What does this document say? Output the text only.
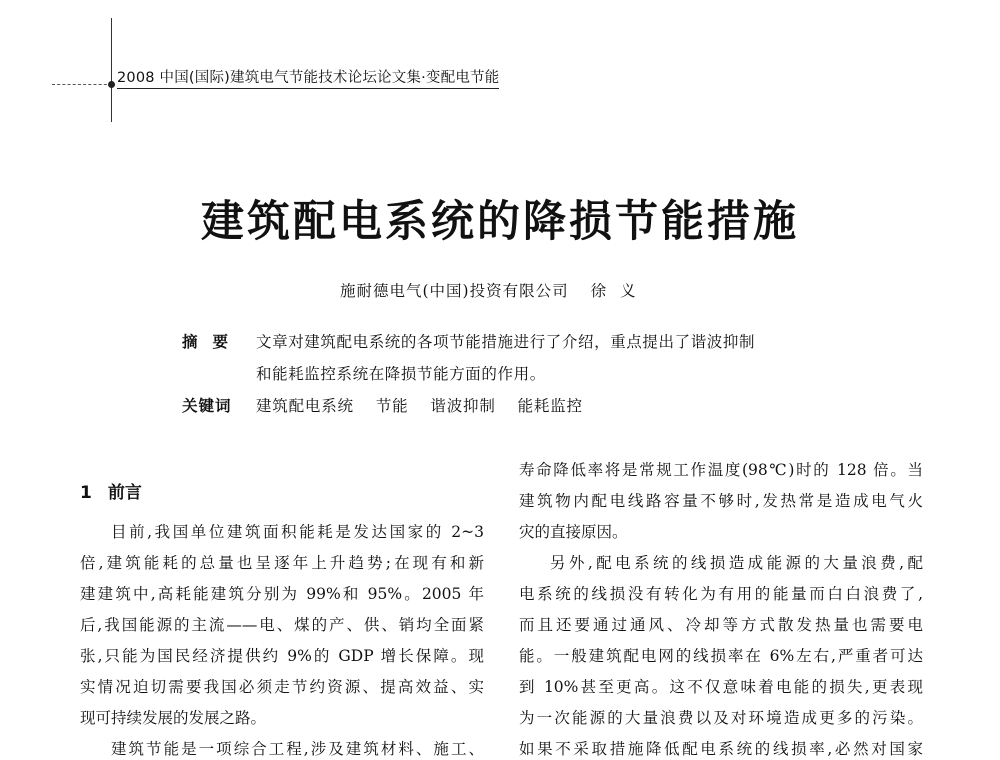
2008 中国(国际)建筑电气节能技术论坛论文集·变配电节能
建筑配电系统的降损节能措施
施耐德电气(中国)投资有限公司 徐义
摘要 文章对建筑配电系统的各项节能措施进行了介绍，重点提出了谐波抑制
和能耗监控系统在降损节能方面的作用。
关键词 建筑配电系统 节能 谐波抑制 能耗监控
1 前言
目前,我国单位建筑面积能耗是发达国家的 2~3
倍,建筑能耗的总量也呈逐年上升趋势;在现有和新
建建筑中,高耗能建筑分别为 99%和 95%。2005 年
后,我国能源的主流——电、煤的产、供、销均全面紧
张,只能为国民经济提供约 9%的 GDP 增长保障。现
实情况迫切需要我国必须走节约资源、提高效益、实
现可持续发展的发展之路。
建筑节能是一项综合工程,涉及建筑材料、施工、
寿命降低率将是常规工作温度(98℃)时的 128 倍。当
建筑物内配电线路容量不够时,发热常是造成电气火
灾的直接原因。
另外,配电系统的线损造成能源的大量浪费,配
电系统的线损没有转化为有用的能量而白白浪费了,
而且还要通过通风、冷却等方式散发热量也需要电
能。一般建筑配电网的线损率在 6%左右,严重者可达
到 10%甚至更高。这不仅意味着电能的损失,更表现
为一次能源的大量浪费以及对环境造成更多的污染。
如果不采取措施降低配电系统的线损率,必然对国家
